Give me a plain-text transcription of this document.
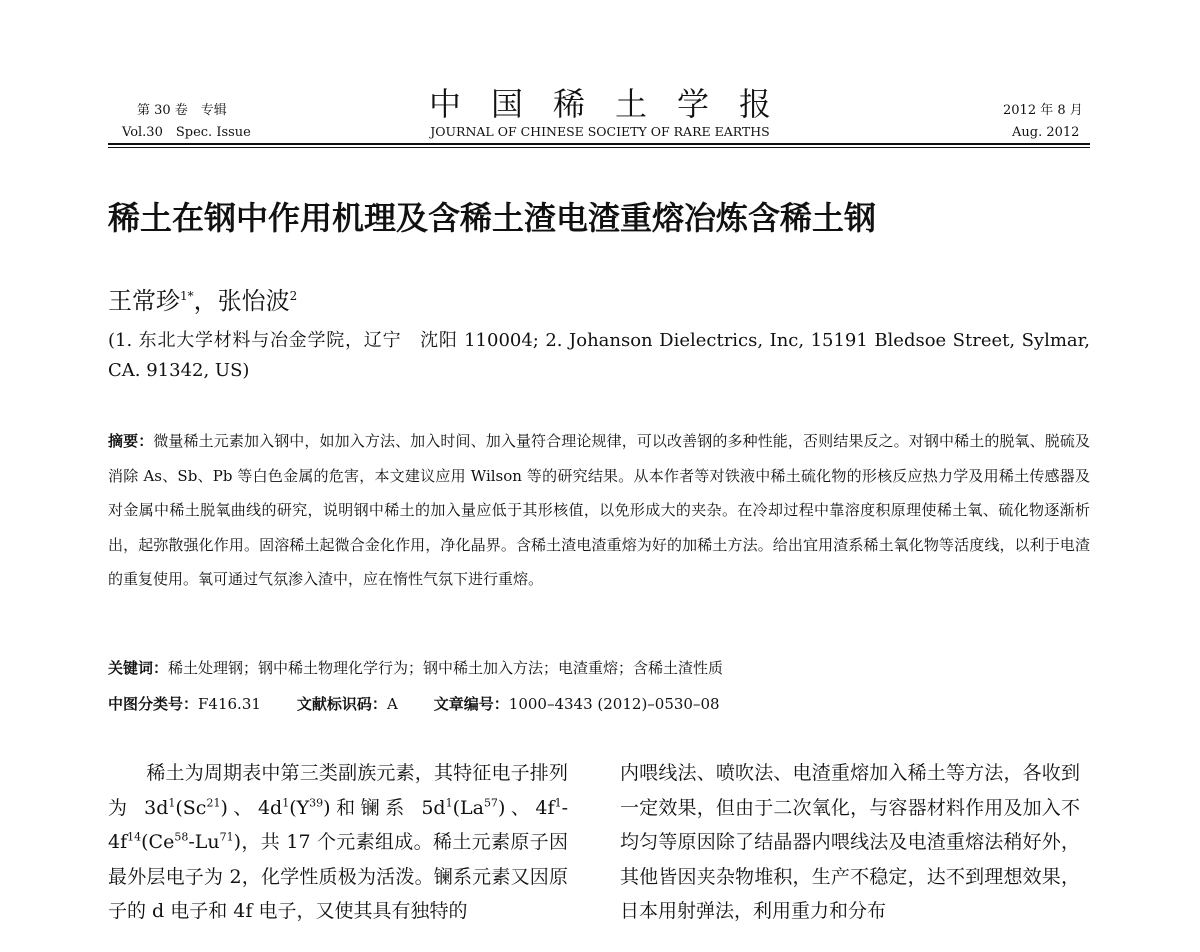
第 30 卷　专辑
Vol.30　Spec. Issue
中国稀土学报
JOURNAL OF CHINESE SOCIETY OF RARE EARTHS
2012 年 8 月
Aug. 2012
稀土在钢中作用机理及含稀土渣电渣重熔冶炼含稀土钢
王常珍$^{1*}$，张怡波$^2$
(1. 东北大学材料与冶金学院，辽宁　沈阳 110004; 2. Johanson Dielectrics, Inc, 15191 Bledsoe Street, Sylmar, CA. 91342, US)
摘要：微量稀土元素加入钢中，如加入方法、加入时间、加入量符合理论规律，可以改善钢的多种性能，否则结果反之。对钢中稀土的脱氧、脱硫及消除 As、Sb、Pb 等白色金属的危害，本文建议应用 Wilson 等的研究结果。从本作者等对铁液中稀土硫化物的形核反应热力学及用稀土传感器及对金属中稀土脱氧曲线的研究，说明钢中稀土的加入量应低于其形核值，以免形成大的夹杂。在冷却过程中靠溶度积原理使稀土氧、硫化物逐渐析出，起弥散强化作用。固溶稀土起微合金化作用，净化晶界。含稀土渣电渣重熔为好的加稀土方法。给出宜用渣系稀土氧化物等活度线，以利于电渣的重复使用。氧可通过气氛渗入渣中，应在惰性气氛下进行重熔。
关键词：稀土处理钢；钢中稀土物理化学行为；钢中稀土加入方法；电渣重熔；含稀土渣性质
中图分类号：F416.31 文献标识码：A 文章编号：1000–4343 (2012)–0530–08
　　稀土为周期表中第三类副族元素，其特征电子排列为 $3d^1(Sc^{21})$、$4d^1(Y^{39})$和镧系 $5d^1(La^{57})$、$4f^1-4f^{14}(Ce^{58}-Lu^{71})$，共 17 个元素组成。稀土元素原子因最外层电子为 2，化学性质极为活泼。镧系元素又因原子的 d 电子和 4f 电子，又使其具有独特的
内喂线法、喷吹法、电渣重熔加入稀土等方法，各收到一定效果，但由于二次氧化，与容器材料作用及加入不均匀等原因除了结晶器内喂线法及电渣重熔法稍好外，其他皆因夹杂物堆积，生产不稳定，达不到理想效果，日本用射弹法，利用重力和分布
